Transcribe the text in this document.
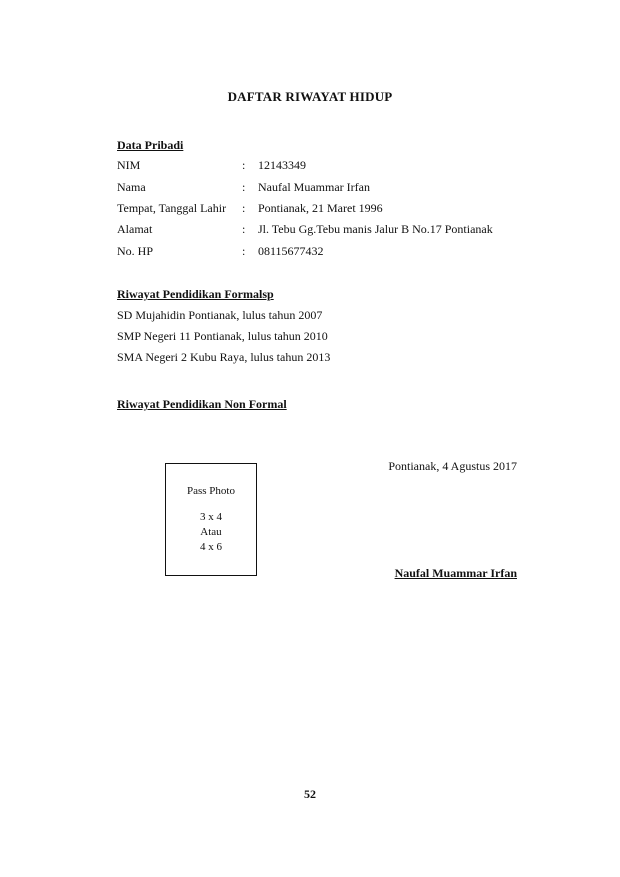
DAFTAR RIWAYAT HIDUP
Data Pribadi
NIM	: 12143349
Nama	: Naufal Muammar Irfan
Tempat, Tanggal Lahir : Pontianak, 21 Maret 1996
Alamat	: Jl. Tebu Gg.Tebu manis Jalur B No.17 Pontianak
No. HP	: 08115677432
Riwayat Pendidikan Formalsp
SD Mujahidin Pontianak, lulus tahun 2007
SMP Negeri 11 Pontianak, lulus tahun 2010
SMA Negeri 2 Kubu Raya, lulus tahun 2013
Riwayat Pendidikan Non Formal
Pontianak, 4 Agustus 2017
Pass Photo
3 x 4
Atau
4 x 6
Naufal Muammar Irfan
52
